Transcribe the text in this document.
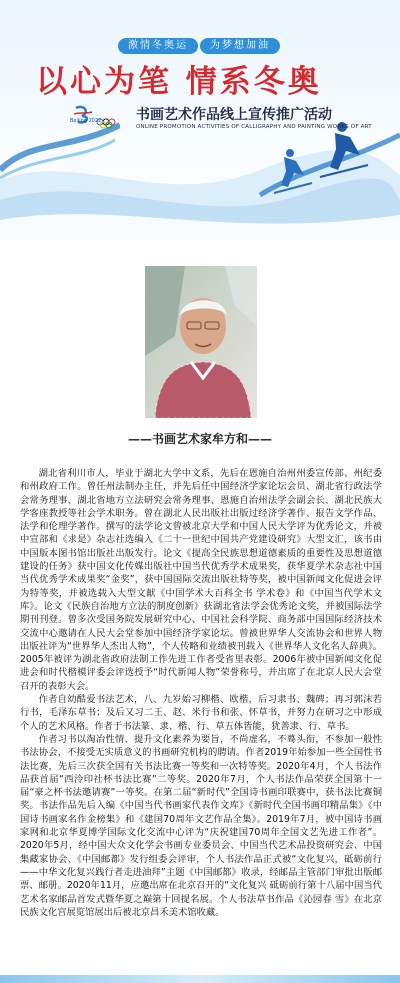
激情冬奥运	为梦想加油
以心为笔 情系冬奥
Beijing 2022 书画艺术作品线上宣传推广活动
ONLINE PROMOTION ACTIVITIES OF CALLIGRAPHY AND PAINTING WORKS OF ART
——书画艺术家牟方和——

湖北省利川市人，毕业于湖北大学中文系，先后在恩施自治州州委宣传部、州纪委和州政府工作。曾任州法制办主任，并先后任中国经济学家论坛会员、湖北省行政法学会常务理事、湖北省地方立法研究会常务理事、恩施自治州法学会副会长、湖北民族大学客座教授等社会学术职务。曾在湖北人民出版社出版过经济学著作、报告文学作品、法学和伦理学著作。撰写的法学论文曾被北京大学和中国人民大学评为优秀论文，并被中宣部和《求是》杂志社选编入《二十一世纪中国共产党建设研究》大型文汇，该书由中国版本图书馆出版社出版发行。论文《提高全民族思想道德素质的重要性及思想道德建设的任务》获中国文化传媒出版社中国当代优秀学术成果奖，获华夏学术杂志社中国当代优秀学术成果奖“金奖”，获中国国际交流出版社特等奖，被中国新闻文化促进会评为特等奖，并被选载入大型文献《中国学术大百科全书 学术卷》和《中国当代学术文库》。论文《民族自治地方立法的制度创新》获湖北省法学会优秀论文奖，并被国际法学期刊刊登。曾多次受国务院发展研究中心、中国社会科学院、商务部中国国际经济技术交流中心邀请在人民大会堂参加中国经济学家论坛。曾被世界华人交流协会和世界人物出版社评为“世界华人杰出人物”，个人传略和业绩被刊载入《世界华人文化名人辞典》。2005年被评为湖北省政府法制工作先进工作者受省里表彰。2006年被中国新闻文化促进会和时代楷模评委会评选授予“时代新闻人物”荣誉称号，并出席了在北京人民大会堂召开的表彰大会。

作者自幼酷爱书法艺术，八、九岁始习柳楷、欧楷，后习隶书、魏碑；再习郭沫若行书，毛泽东草书；及后又习二王、赵、米行书和张、怀草书，并努力在研习之中形成个人的艺术风格。作者于书法篆、隶、楷、行、草五体皆能，犹善隶、行、草书。

作者习书以淘冶性情、提升文化素养为要旨，不尚虚名，不蓦头衔，不参加一般性书法协会，不接受无实质意义的书画研究机构的聘请。作者2019年始参加一些全国性书法比赛，先后三次获全国有关书法比赛一等奖和一次特等奖。2020年4月，个人书法作品获首届“西泠印社杯书法比赛”二等奖。2020年7月，个人书法作品荣获全国第十一届“豪之杯书法邀请赛”一等奖。在第二届“新时代”全国诗书画印联赛中，获书法比赛铜奖。书法作品先后入编《中国当代书画家代表作文库》《新时代全国书画印精品集》《中国诗书画家名作金榜集》和《建国70周年文艺作品全集》。2019年7月，被中国诗书画家网和北京华夏博学国际文化交流中心评为“庆祝建国70周年全国文艺先进工作者”。2020年5月，经中国大众文化学会书画专业委员会、中国当代艺术品投资研究会、中国集藏家协会、《中国邮都》发行组委会评审，个人书法作品正式被“文化复兴，砥砺前行——中华文化复兴践行者走进油拜”主题《中国邮都》收录，经邮品主管部门审批出版邮票、邮册。2020年11月，应邀出席在北京召开的“文化复兴 砥砺前行第十八届中国当代艺术名家邮品首发式暨华夏之巅第十回提名展。个人书法草书作品《沁园春 雪》在北京民族文化宫展览馆展出后被北京昌禾美术馆收藏。
